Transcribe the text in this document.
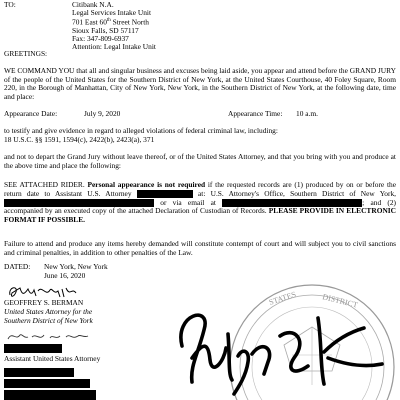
TO:	Citibank N.A.
Legal Services Intake Unit
701 East 60th Street North
Sioux Falls, SD 57117
Fax: 347-809-6937
Attention: Legal Intake Unit
GREETINGS:
WE COMMAND YOU that all and singular business and excuses being laid aside, you appear and attend before the GRAND JURY of the people of the United States for the Southern District of New York, at the United States Courthouse, 40 Foley Square, Room 220, in the Borough of Manhattan, City of New York, New York, in the Southern District of New York, at the following date, time and place:
Appearance Date:	July 9, 2020	Appearance Time: 10 a.m.
to testify and give evidence in regard to alleged violations of federal criminal law, including:
18 U.S.C. §§ 1591, 1594(c), 2422(b), 2423(a), 371
and not to depart the Grand Jury without leave thereof, or of the United States Attorney, and that you bring with you and produce at the above time and place the following:
SEE ATTACHED RIDER. Personal appearance is not required if the requested records are (1) produced by on or before the return date to Assistant U.S. Attorney	at: U.S. Attorney's Office, Southern District of New York,  or via email at	; and (2) accompanied by an executed copy of the attached Declaration of Custodian of Records. PLEASE PROVIDE IN ELECTRONIC FORMAT IF POSSIBLE.
Failure to attend and produce any items hereby demanded will constitute contempt of court and will subject you to civil sanctions and criminal penalties, in addition to other penalties of the Law.
DATED: New York, New York
June 16, 2020
GEOFFREY S. BERMAN
United States Attorney for the
Southern District of New York
Assistant United States Attorney
STATES	DISTRICT
